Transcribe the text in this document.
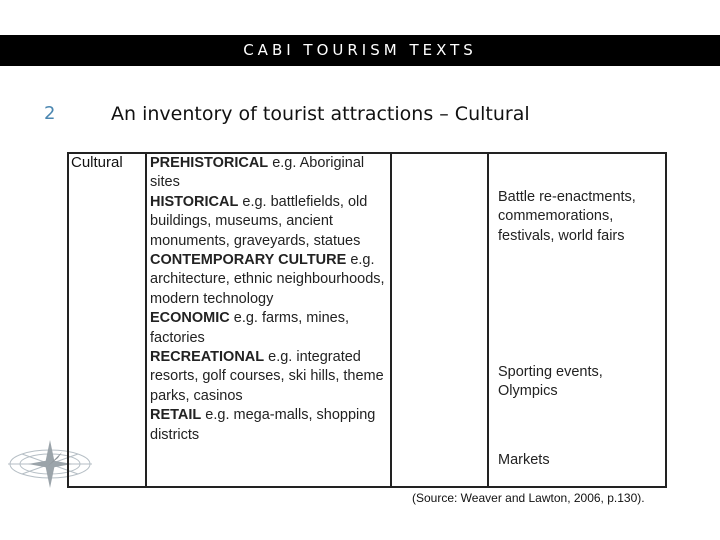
CABI TOURISM TEXTS
2	An inventory of tourist attractions – Cultural
Cultural PREHISTORICAL e.g. Aboriginal sites

HISTORICAL e.g. battlefields, old buildings, museums, ancient monuments, graveyards, statues

CONTEMPORARY CULTURE e.g. architecture, ethnic neighbourhoods, modern technology

ECONOMIC e.g. farms, mines, factories

RECREATIONAL e.g. integrated resorts, golf courses, ski hills, theme parks, casinos

RETAIL e.g. mega-malls, shopping districts

Battle re-enactments, commemorations, festivals, world fairs
Sporting events, Olympics
Markets
(Source: Weaver and Lawton, 2006, p.130).
